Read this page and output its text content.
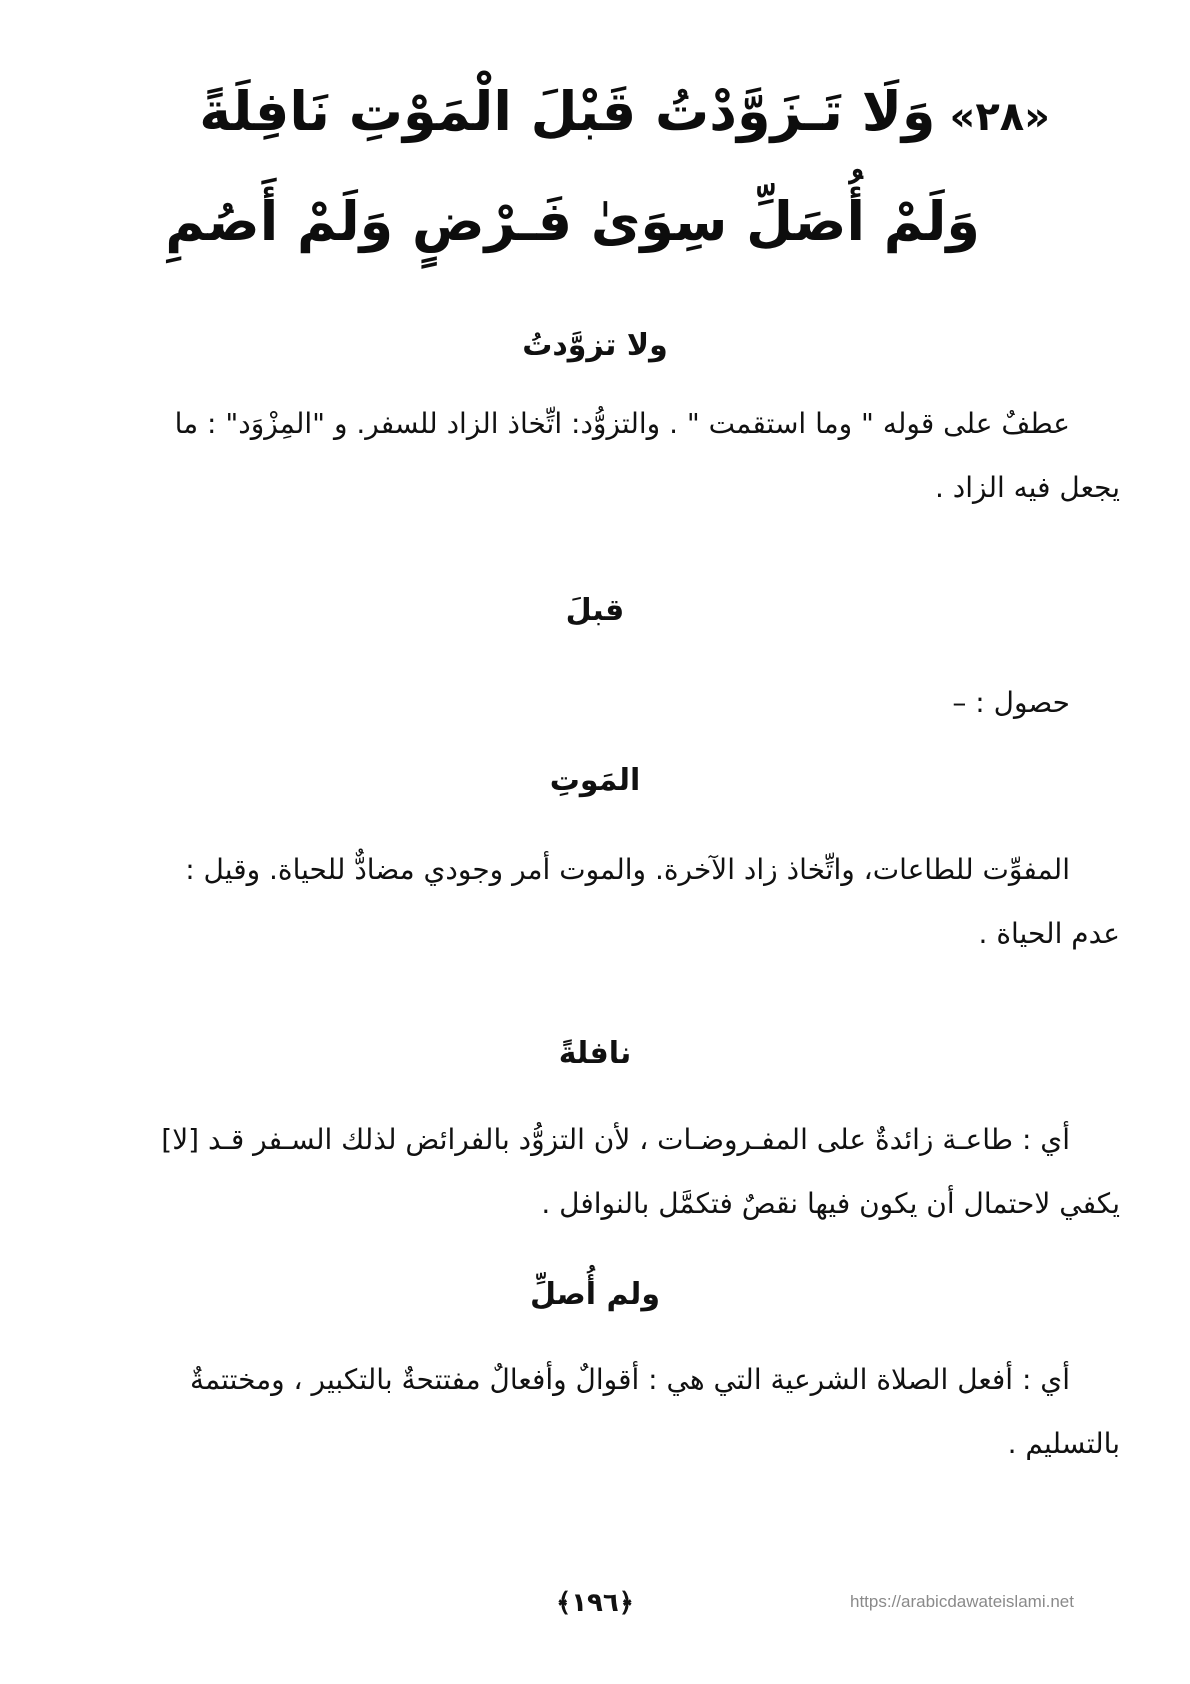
«٢٨»وَلَا تَـزَوَّدْتُ قَبْلَ الْمَوْتِ نَافِلَةً
وَلَمْ أُصَلِّ سِوَىٰ فَـرْضٍ وَلَمْ أَصُمِ
ولا تزوَّدتُ
عطفٌ على قوله " وما استقمت " . والتزوُّد: اتِّخاذ الزاد للسفر. و "المِزْوَد" : ما
يجعل فيه الزاد .
قبلَ
حصول : –
المَوتِ
المفوِّت للطاعات، واتِّخاذ زاد الآخرة. والموت أمر وجودي مضادٌّ للحياة. وقيل :
عدم الحياة .
نافلةً
أي : طاعـة زائدةٌ على المفـروضـات ، لأن التزوُّد بالفرائض لذلك السـفر قـد [لا]
يكفي لاحتمال أن يكون فيها نقصٌ فتكمَّل بالنوافل .
ولم أُصلِّ
أي : أفعل الصلاة الشرعية التي هي : أقوالٌ وأفعالٌ مفتتحةٌ بالتكبير ، ومختتمةٌ
بالتسليم .
﴿١٩٦﴾	https://arabicdawateislami.net
